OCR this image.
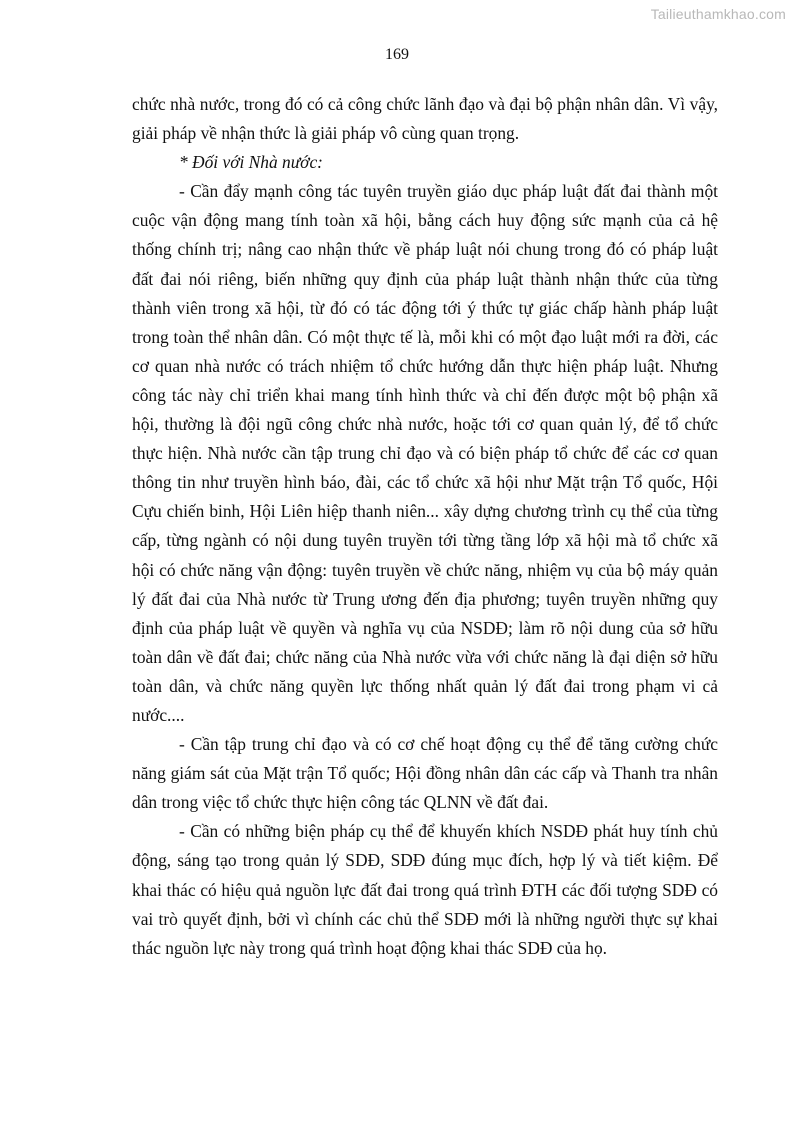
Tailieuthamkhao.com
169

chức nhà nước, trong đó có cả công chức lãnh đạo và đại bộ phận nhân dân. Vì vậy, giải pháp về nhận thức là giải pháp vô cùng quan trọng.

* Đối với Nhà nước:

- Cần đẩy mạnh công tác tuyên truyền giáo dục pháp luật đất đai thành một cuộc vận động mang tính toàn xã hội, bằng cách huy động sức mạnh của cả hệ thống chính trị; nâng cao nhận thức về pháp luật nói chung trong đó có pháp luật đất đai nói riêng, biến những quy định của pháp luật thành nhận thức của từng thành viên trong xã hội, từ đó có tác động tới ý thức tự giác chấp hành pháp luật trong toàn thể nhân dân. Có một thực tế là, mỗi khi có một đạo luật mới ra đời, các cơ quan nhà nước có trách nhiệm tổ chức hướng dẫn thực hiện pháp luật. Nhưng công tác này chỉ triển khai mang tính hình thức và chỉ đến được một bộ phận xã hội, thường là đội ngũ công chức nhà nước, hoặc tới cơ quan quản lý, để tổ chức thực hiện. Nhà nước cần tập trung chỉ đạo và có biện pháp tổ chức để các cơ quan thông tin như truyền hình báo, đài, các tổ chức xã hội như Mặt trận Tổ quốc, Hội Cựu chiến binh, Hội Liên hiệp thanh niên... xây dựng chương trình cụ thể của từng cấp, từng ngành có nội dung tuyên truyền tới từng tầng lớp xã hội mà tổ chức xã hội có chức năng vận động: tuyên truyền về chức năng, nhiệm vụ của bộ máy quản lý đất đai của Nhà nước từ Trung ương đến địa phương; tuyên truyền những quy định của pháp luật về quyền và nghĩa vụ của NSDĐ; làm rõ nội dung của sở hữu toàn dân về đất đai; chức năng của Nhà nước vừa với chức năng là đại diện sở hữu toàn dân, và chức năng quyền lực thống nhất quản lý đất đai trong phạm vi cả nước....

- Cần tập trung chỉ đạo và có cơ chế hoạt động cụ thể để tăng cường chức năng giám sát của Mặt trận Tổ quốc; Hội đồng nhân dân các cấp và Thanh tra nhân dân trong việc tổ chức thực hiện công tác QLNN về đất đai.

- Cần có những biện pháp cụ thể để khuyến khích NSDĐ phát huy tính chủ động, sáng tạo trong quản lý SDĐ, SDĐ đúng mục đích, hợp lý và tiết kiệm. Để khai thác có hiệu quả nguồn lực đất đai trong quá trình ĐTH các đối tượng SDĐ có vai trò quyết định, bởi vì chính các chủ thể SDĐ mới là những người thực sự khai thác nguồn lực này trong quá trình hoạt động khai thác SDĐ của họ.
